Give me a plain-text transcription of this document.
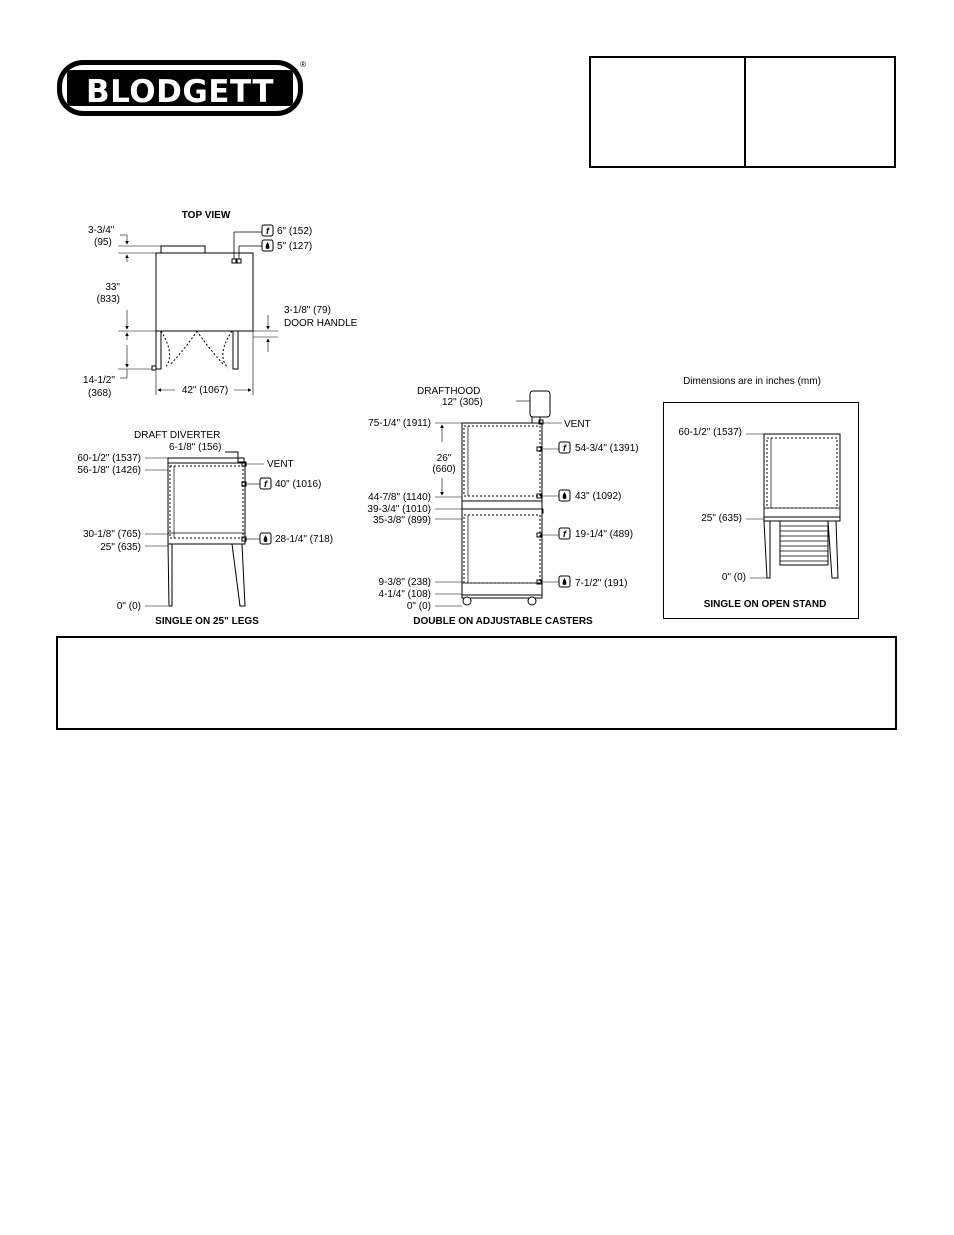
BLODGETT
®
TOP VIEW
3-3/4"
(95)
33"
(833)
14-1/2"
(368)	42" (1067)
f 6" (152)
5" (127)
3-1/8" (79)
DOOR HANDLE
DRAFT DIVERTER
6-1/8" (156)
60-1/2" (1537)
56-1/8" (1426)
30-1/8" (765)
25" (635)
0" (0)
VENT
f 40" (1016)
28-1/4" (718)
SINGLE ON 25" LEGS
DRAFTHOOD
12" (305)
75-1/4" (1911)
26"
(660)
44-7/8" (1140)
39-3/4" (1010)
35-3/8" (899)
9-3/8" (238)
4-1/4" (108)
0" (0)
VENT
f 54-3/4" (1391)
43" (1092)
f 19-1/4" (489)
7-1/2" (191)
DOUBLE ON ADJUSTABLE CASTERS
Dimensions are in inches (mm)
60-1/2" (1537)
25" (635)
0" (0)
SINGLE ON OPEN STAND
